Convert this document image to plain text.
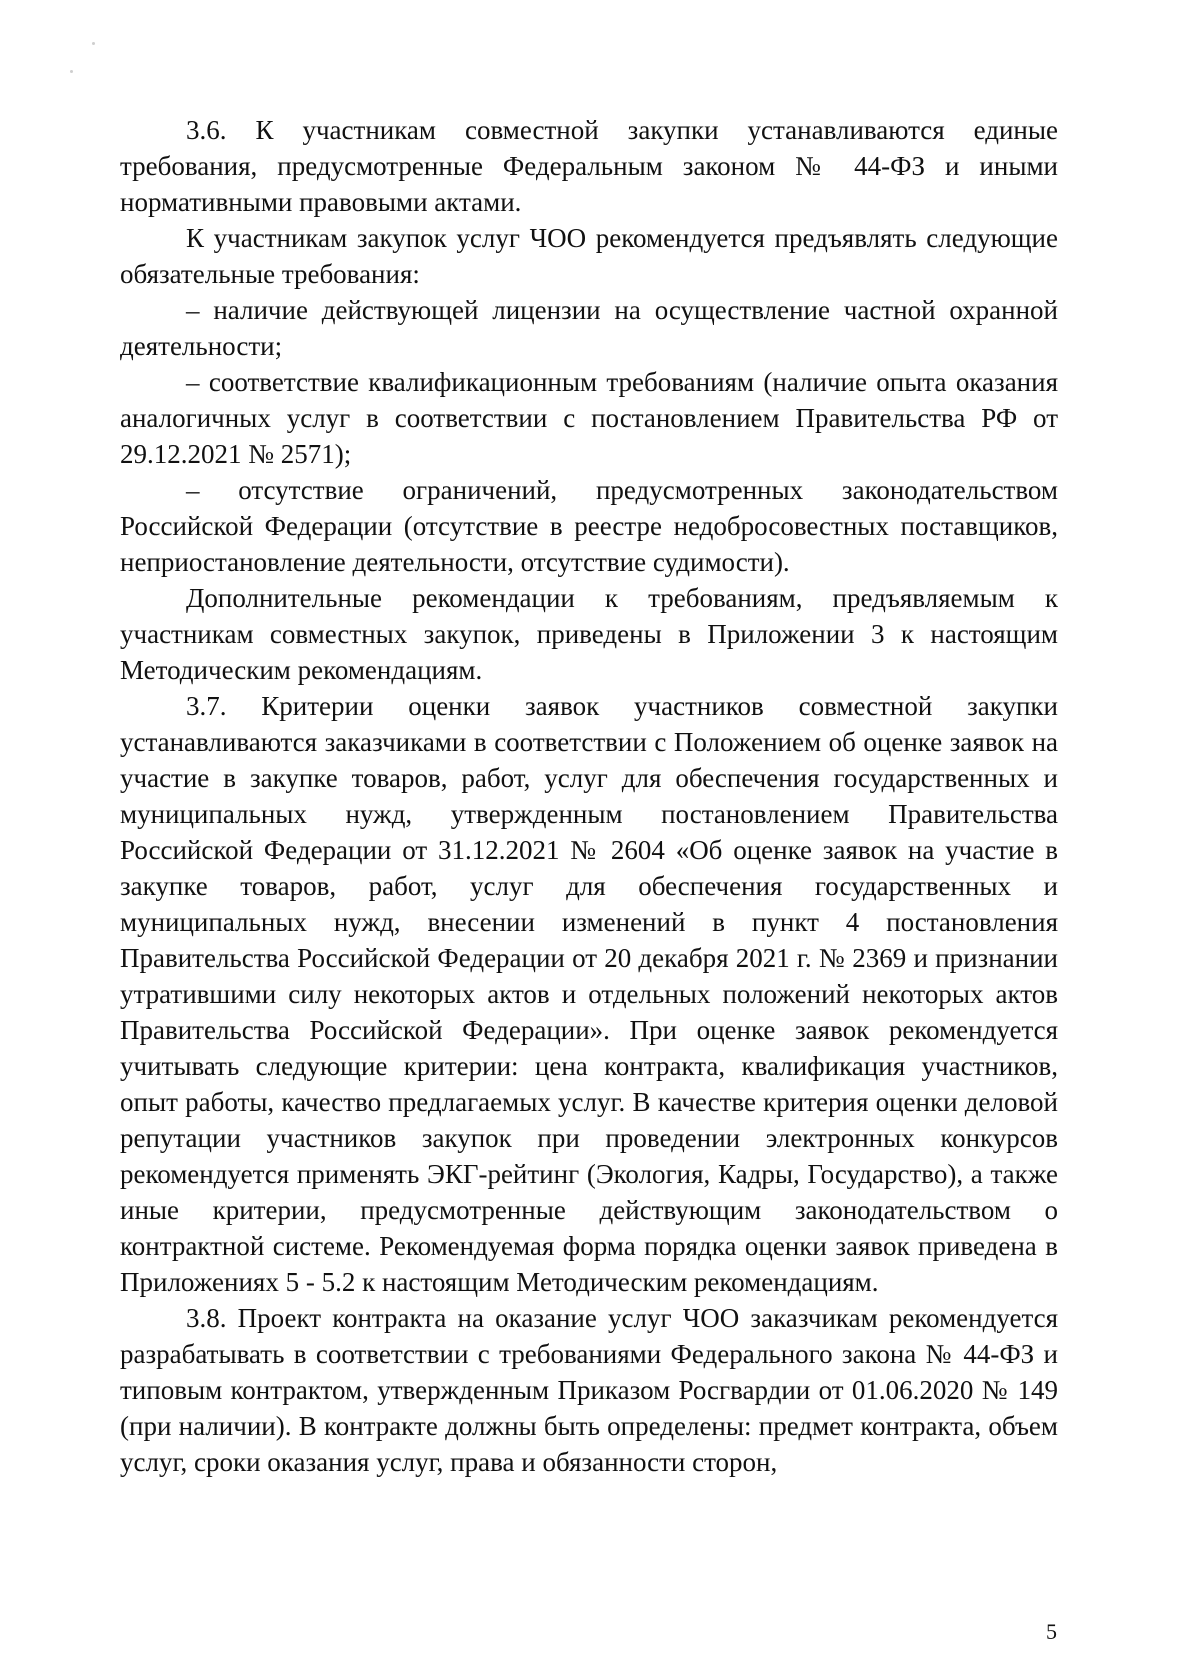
3.6. К участникам совместной закупки устанавливаются единые требования, предусмотренные Федеральным законом № 44-ФЗ и иными нормативными правовыми актами.

К участникам закупок услуг ЧОО рекомендуется предъявлять следующие обязательные требования:

– наличие действующей лицензии на осуществление частной охранной деятельности;

– соответствие квалификационным требованиям (наличие опыта оказания аналогичных услуг в соответствии с постановлением Правительства РФ от 29.12.2021 № 2571);

– отсутствие ограничений, предусмотренных законодательством Российской Федерации (отсутствие в реестре недобросовестных поставщиков, неприостановление деятельности, отсутствие судимости).

Дополнительные рекомендации к требованиям, предъявляемым к участникам совместных закупок, приведены в Приложении 3 к настоящим Методическим рекомендациям.

3.7. Критерии оценки заявок участников совместной закупки устанавливаются заказчиками в соответствии с Положением об оценке заявок на участие в закупке товаров, работ, услуг для обеспечения государственных и муниципальных нужд, утвержденным постановлением Правительства Российской Федерации от 31.12.2021 № 2604 «Об оценке заявок на участие в закупке товаров, работ, услуг для обеспечения государственных и муниципальных нужд, внесении изменений в пункт 4 постановления Правительства Российской Федерации от 20 декабря 2021 г. № 2369 и признании утратившими силу некоторых актов и отдельных положений некоторых актов Правительства Российской Федерации». При оценке заявок рекомендуется учитывать следующие критерии: цена контракта, квалификация участников, опыт работы, качество предлагаемых услуг. В качестве критерия оценки деловой репутации участников закупок при проведении электронных конкурсов рекомендуется применять ЭКГ-рейтинг (Экология, Кадры, Государство), а также иные критерии, предусмотренные действующим законодательством о контрактной системе. Рекомендуемая форма порядка оценки заявок приведена в Приложениях 5 - 5.2 к настоящим Методическим рекомендациям.

3.8. Проект контракта на оказание услуг ЧОО заказчикам рекомендуется разрабатывать в соответствии с требованиями Федерального закона № 44-ФЗ и типовым контрактом, утвержденным Приказом Росгвардии от 01.06.2020 № 149 (при наличии). В контракте должны быть определены: предмет контракта, объем услуг, сроки оказания услуг, права и обязанности сторон,

5
